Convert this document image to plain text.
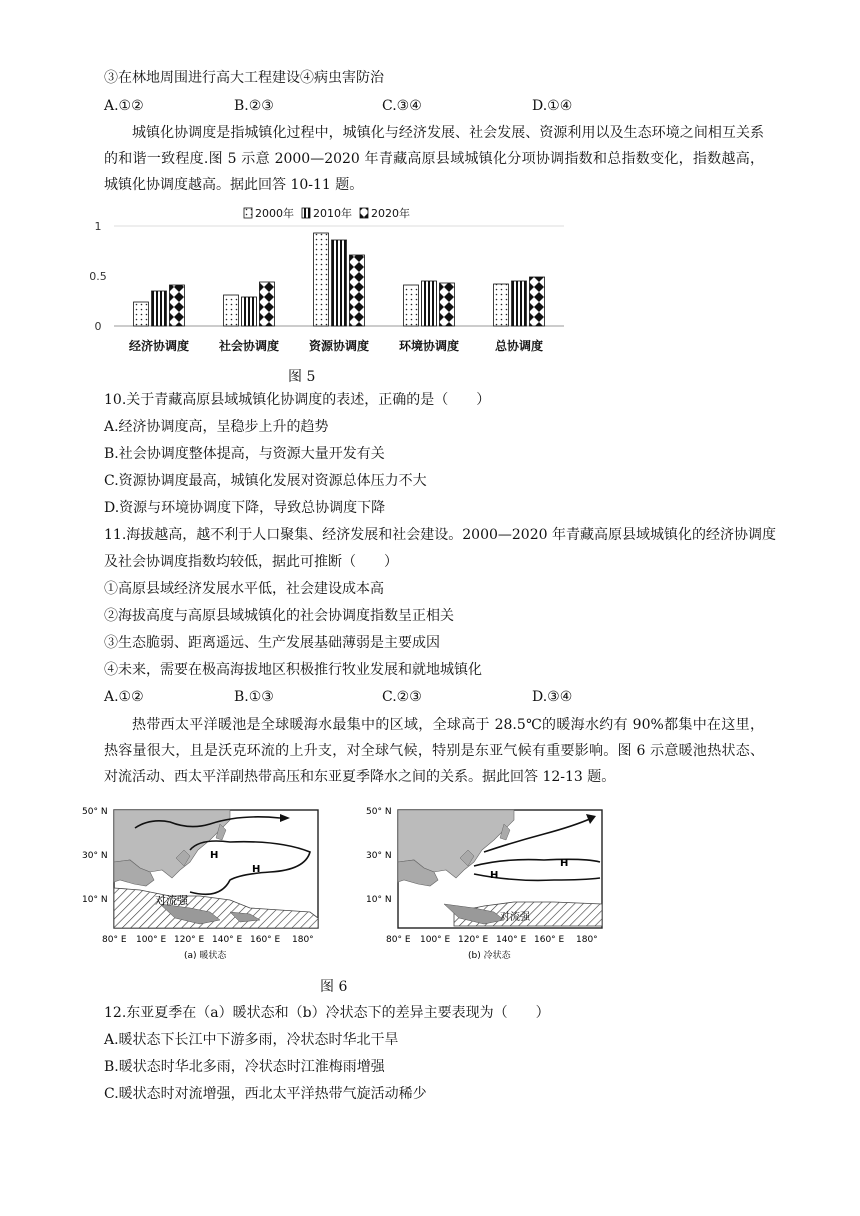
③在林地周围进行高大工程建设④病虫害防治
A.①②	B.②③	C.③④	D.①④
城镇化协调度是指城镇化过程中，城镇化与经济发展、社会发展、资源利用以及生态环境之间相互关系的和谐一致程度.图 5 示意 2000—2020 年青藏高原县域城镇化分项协调指数和总指数变化，指数越高，城镇化协调度越高。据此回答 10-11 题。
2000年 2010年 2020年
1
0.5
0
经济协调度 社会协调度 资源协调度 环境协调度	总协调度
图 5
10.关于青藏高原县域城镇化协调度的表述，正确的是（　　）
A.经济协调度高，呈稳步上升的趋势
B.社会协调度整体提高，与资源大量开发有关
C.资源协调度最高，城镇化发展对资源总体压力不大
D.资源与环境协调度下降，导致总协调度下降
11.海拔越高，越不利于人口聚集、经济发展和社会建设。2000—2020 年青藏高原县域城镇化的经济协调度
及社会协调度指数均较低，据此可推断（　　）
①高原县域经济发展水平低，社会建设成本高
②海拔高度与高原县域城镇化的社会协调度指数呈正相关
③生态脆弱、距离遥远、生产发展基础薄弱是主要成因
④未来，需要在极高海拔地区积极推行牧业发展和就地城镇化
A.①②	B.①③	C.②③	D.③④
热带西太平洋暖池是全球暖海水最集中的区域，全球高于 28.5℃的暖海水约有 90%都集中在这里，热容量很大，且是沃克环流的上升支，对全球气候，特别是东亚气候有重要影响。图 6 示意暖池热状态、对流活动、西太平洋副热带高压和东亚夏季降水之间的关系。据此回答 12-13 题。
H
H
对流强
50° N
30° N
10° N
80° E 100° E 120° E 140° E 160° E 180°
(a) 暖状态
H
H
对流强
50° N
30° N
10° N
80° E 100° E 120° E 140° E 160° E 180°
(b) 冷状态
图 6
12.东亚夏季在（a）暖状态和（b）冷状态下的差异主要表现为（　　）
A.暖状态下长江中下游多雨，冷状态时华北干旱
B.暖状态时华北多雨，冷状态时江淮梅雨增强
C.暖状态时对流增强，西北太平洋热带气旋活动稀少
